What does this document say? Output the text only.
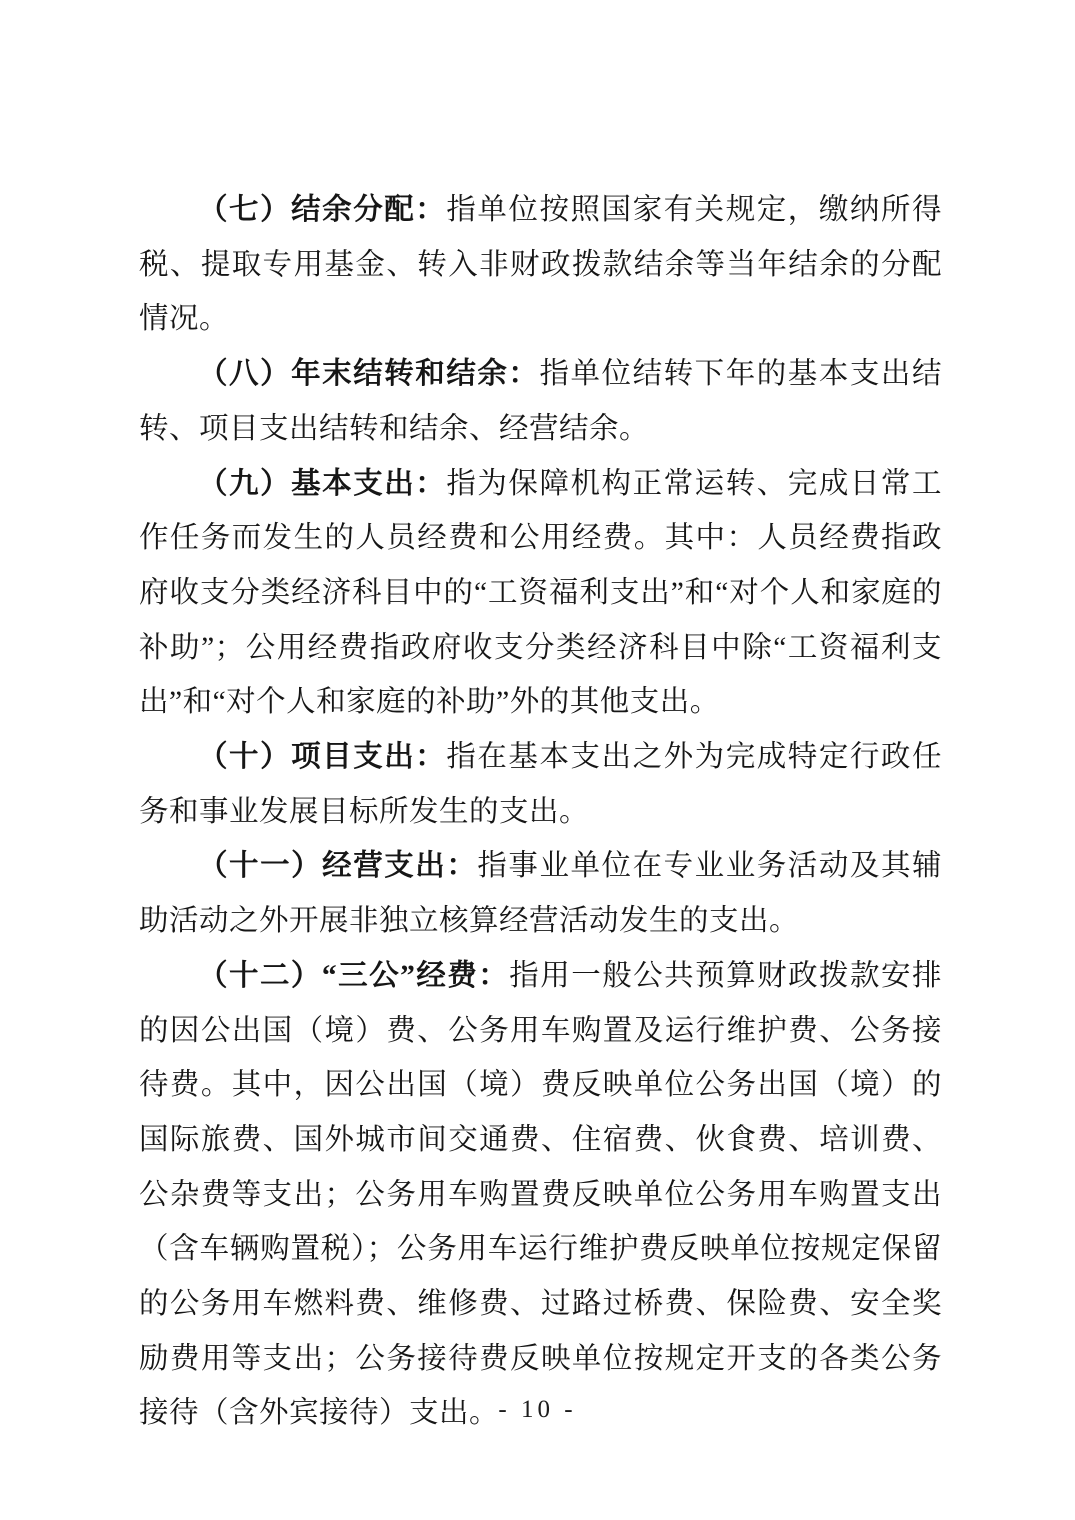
（七）结余分配：指单位按照国家有关规定，缴纳所得税、提取专用基金、转入非财政拨款结余等当年结余的分配情况。

（八）年末结转和结余：指单位结转下年的基本支出结转、项目支出结转和结余、经营结余。

（九）基本支出：指为保障机构正常运转、完成日常工作任务而发生的人员经费和公用经费。其中：人员经费指政府收支分类经济科目中的“工资福利支出”和“对个人和家庭的补助”；公用经费指政府收支分类经济科目中除“工资福利支出”和“对个人和家庭的补助”外的其他支出。

（十）项目支出：指在基本支出之外为完成特定行政任务和事业发展目标所发生的支出。

（十一）经营支出：指事业单位在专业业务活动及其辅助活动之外开展非独立核算经营活动发生的支出。

（十二）“三公”经费：指用一般公共预算财政拨款安排的因公出国（境）费、公务用车购置及运行维护费、公务接待费。其中，因公出国（境）费反映单位公务出国（境）的国际旅费、国外城市间交通费、住宿费、伙食费、培训费、公杂费等支出；公务用车购置费反映单位公务用车购置支出（含车辆购置税）；公务用车运行维护费反映单位按规定保留的公务用车燃料费、维修费、过路过桥费、保险费、安全奖励费用等支出；公务接待费反映单位按规定开支的各类公务接待（含外宾接待）支出。 - 10 -
